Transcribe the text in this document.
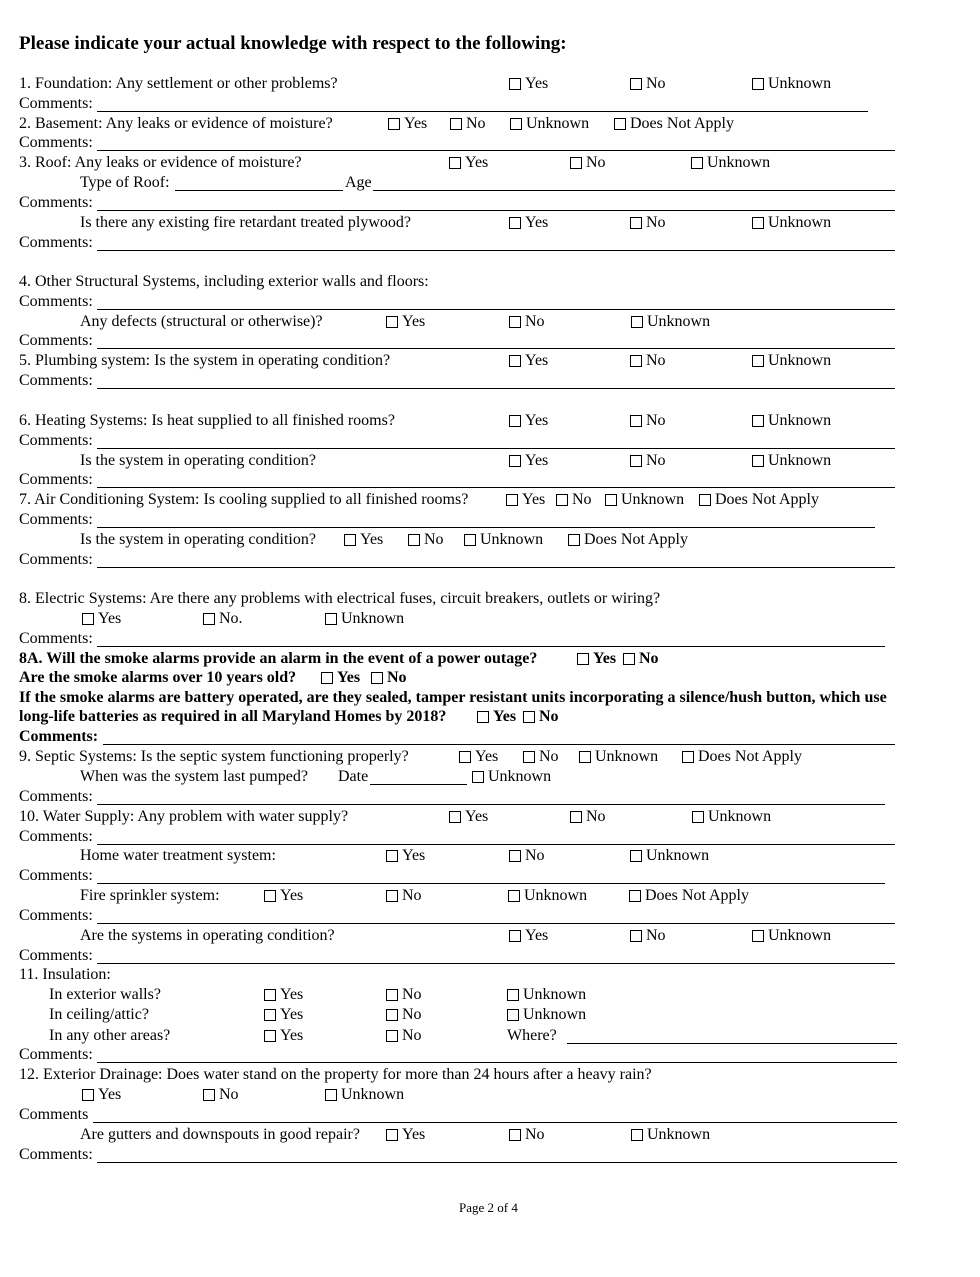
Please indicate your actual knowledge with respect to the following:
1. Foundation: Any settlement or other problems?	Yes	No	Unknown
Comments:
2. Basement: Any leaks or evidence of moisture?	Yes	No	Unknown	Does Not Apply
Comments:
3. Roof: Any leaks or evidence of moisture?	Yes	No	Unknown
Type of Roof:	Age
Comments:
Is there any existing fire retardant treated plywood?	Yes	No	Unknown
Comments:
4. Other Structural Systems, including exterior walls and floors:
Comments:
Any defects (structural or otherwise)?	Yes	No	Unknown
Comments:
5. Plumbing system: Is the system in operating condition?	Yes	No	Unknown
Comments:
6. Heating Systems: Is heat supplied to all finished rooms?	Yes	No	Unknown
Comments:
Is the system in operating condition?	Yes	No	Unknown
Comments:
7. Air Conditioning System: Is cooling supplied to all finished rooms?	Yes	No	Unknown	Does Not Apply
Comments:
Is the system in operating condition?	Yes	No	Unknown	Does Not Apply
Comments:
8. Electric Systems: Are there any problems with electrical fuses, circuit breakers, outlets or wiring?
Yes	No.	Unknown
Comments:
8A. Will the smoke alarms provide an alarm in the event of a power outage?	Yes	No
Are the smoke alarms over 10 years old?	Yes	No
If the smoke alarms are battery operated, are they sealed, tamper resistant units incorporating a silence/hush button, which use
long-life batteries as required in all Maryland Homes by 2018?	Yes	No
Comments:
9. Septic Systems: Is the septic system functioning properly?	Yes	No	Unknown	Does Not Apply
When was the system last pumped? Date	Unknown
Comments:
10. Water Supply: Any problem with water supply?	Yes	No	Unknown
Comments:
Home water treatment system:	Yes	No	Unknown
Comments:
Fire sprinkler system:	Yes	No	Unknown	Does Not Apply
Comments:
Are the systems in operating condition?	Yes	No	Unknown
Comments:
11. Insulation:
In exterior walls?	Yes	No	Unknown
In ceiling/attic?	Yes	No	Unknown
In any other areas?	Yes	No	Where?
Comments:
12. Exterior Drainage: Does water stand on the property for more than 24 hours after a heavy rain?
Yes	No	Unknown
Comments
Are gutters and downspouts in good repair?	Yes	No	Unknown
Comments:
Page 2 of 4
